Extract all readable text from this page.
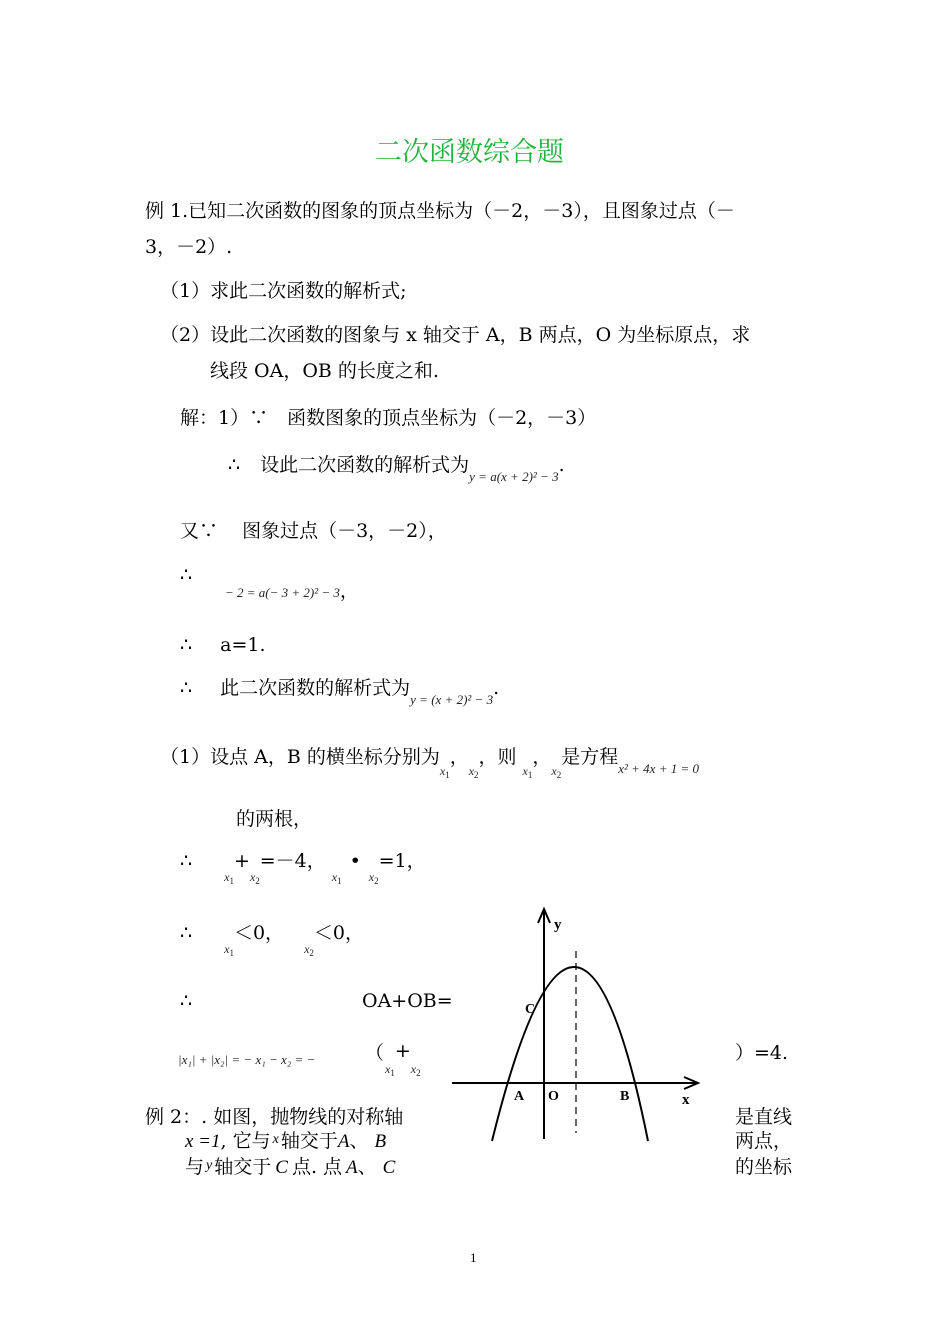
二次函数综合题
例 1.已知二次函数的图象的顶点坐标为（－2，－3），且图象过点（－
3，－2）.
（1）求此二次函数的解析式;
（2）设此二次函数的图象与 x 轴交于 A，B 两点，O 为坐标原点，求
线段 OA，OB 的长度之和.
解：1）∵　函数图象的顶点坐标为（－2，－3）
∴ 设此二次函数的解析式为$_{y = a(x + 2)^2 - 3}$.
又∵ 图象过点（－3，－2），
∴
− 2 = a(− 3 + 2)² − 3，
∴ a=1.
∴ 此二次函数的解析式为$_{y = (x + 2)^2 - 3}$.
（1）设点 A，B 的横坐标分别为$_{x_1}$，$_{x_2}$，则$_{x_1}$，$_{x_2}$是方程$_{x^2 + 4x + 1 = 0}$
的两根，
∴ $_{x_1}+_{x_2}=-4$，$_{x_1}•_{x_2}=1$，
∴ $_{x_1}$＜0，$_{x_2}$＜0，
∴	OA+OB=
|x₁| + |x₂| = − x₁ − x₂ = −	（
$_{x_1}+_{x_2}$
）=4.
例 2：. 如图，抛物线的对称轴	是直线
x =1, 它与 $^x$ 轴交于A、 B	两点，
与 $^y$ 轴交于 C 点. 点 A、 C	的坐标
y
x
C
A O	B
1
